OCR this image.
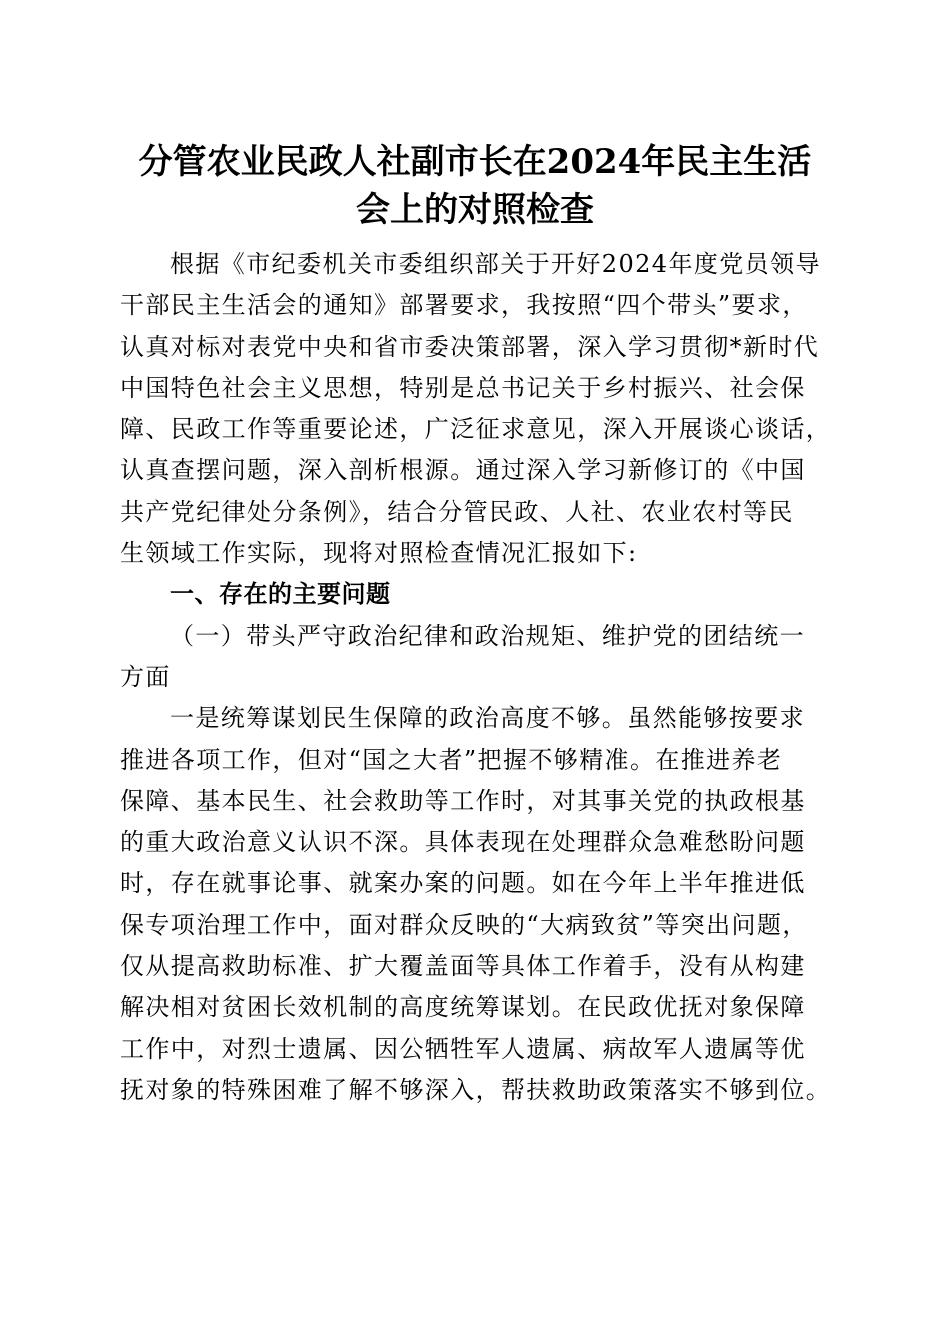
分管农业民政人社副市长在2024年民主生活
会上的对照检查
根据《市纪委机关市委组织部关于开好2024年度党员领导
干部民主生活会的通知》部署要求，我按照“四个带头”要求，
认真对标对表党中央和省市委决策部署，深入学习贯彻*新时代
中国特色社会主义思想，特别是总书记关于乡村振兴、社会保
障、民政工作等重要论述，广泛征求意见，深入开展谈心谈话，
认真查摆问题，深入剖析根源。通过深入学习新修订的《中国
共产党纪律处分条例》，结合分管民政、人社、农业农村等民
生领域工作实际，现将对照检查情况汇报如下:
一、存在的主要问题
（一）带头严守政治纪律和政治规矩、维护党的团结统一
方面
一是统筹谋划民生保障的政治高度不够。虽然能够按要求
推进各项工作，但对“国之大者”把握不够精准。在推进养老
保障、基本民生、社会救助等工作时，对其事关党的执政根基
的重大政治意义认识不深。具体表现在处理群众急难愁盼问题
时，存在就事论事、就案办案的问题。如在今年上半年推进低
保专项治理工作中，面对群众反映的“大病致贫”等突出问题，
仅从提高救助标准、扩大覆盖面等具体工作着手，没有从构建
解决相对贫困长效机制的高度统筹谋划。在民政优抚对象保障
工作中，对烈士遗属、因公牺牲军人遗属、病故军人遗属等优
抚对象的特殊困难了解不够深入，帮扶救助政策落实不够到位。
